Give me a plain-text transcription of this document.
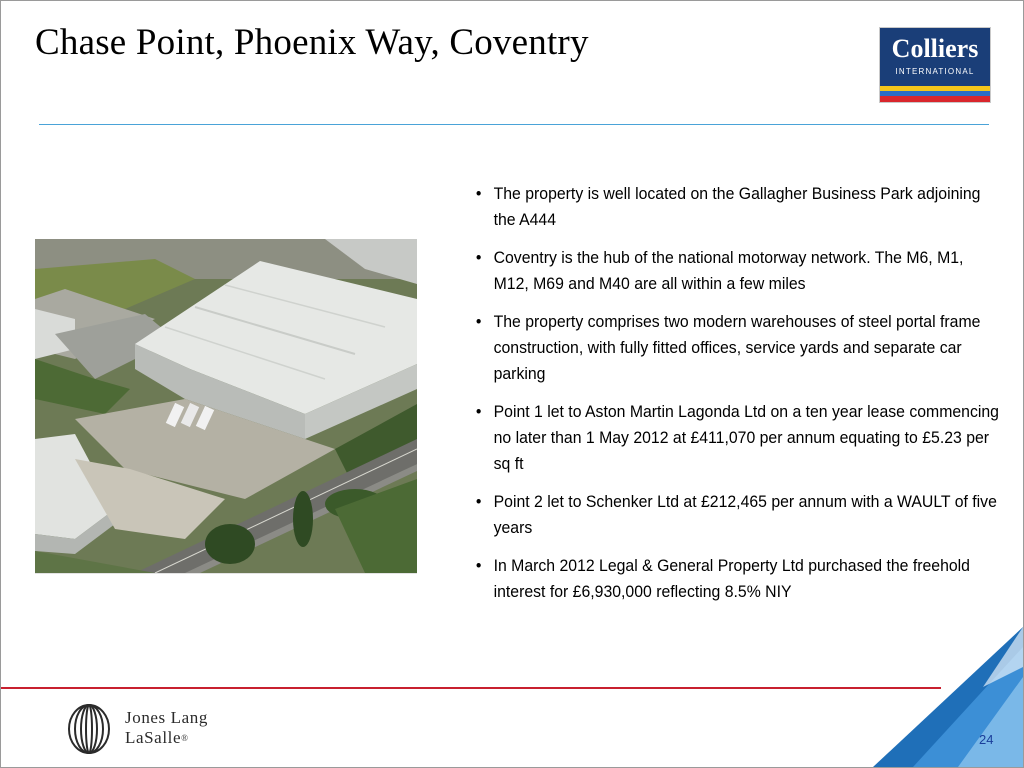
Chase Point, Phoenix Way, Coventry	Colliers
INTERNATIONAL
• The property is well located on the Gallagher Business Park adjoining the A444
• Coventry is the hub of the national motorway network. The M6, M1, M12, M69 and M40 are all within a few miles
• The property comprises two modern warehouses of steel portal frame construction, with fully fitted offices, service yards and separate car parking
• Point 1 let to Aston Martin Lagonda Ltd on a ten year lease commencing no later than 1 May 2012 at £411,070 per annum equating to £5.23 per sq ft
• Point 2 let to Schenker Ltd at £212,465 per annum with a WAULT of five years
• In March 2012 Legal & General Property Ltd purchased the freehold interest for £6,930,000 reflecting 8.5% NIY
Jones Lang
LaSalle®	24
